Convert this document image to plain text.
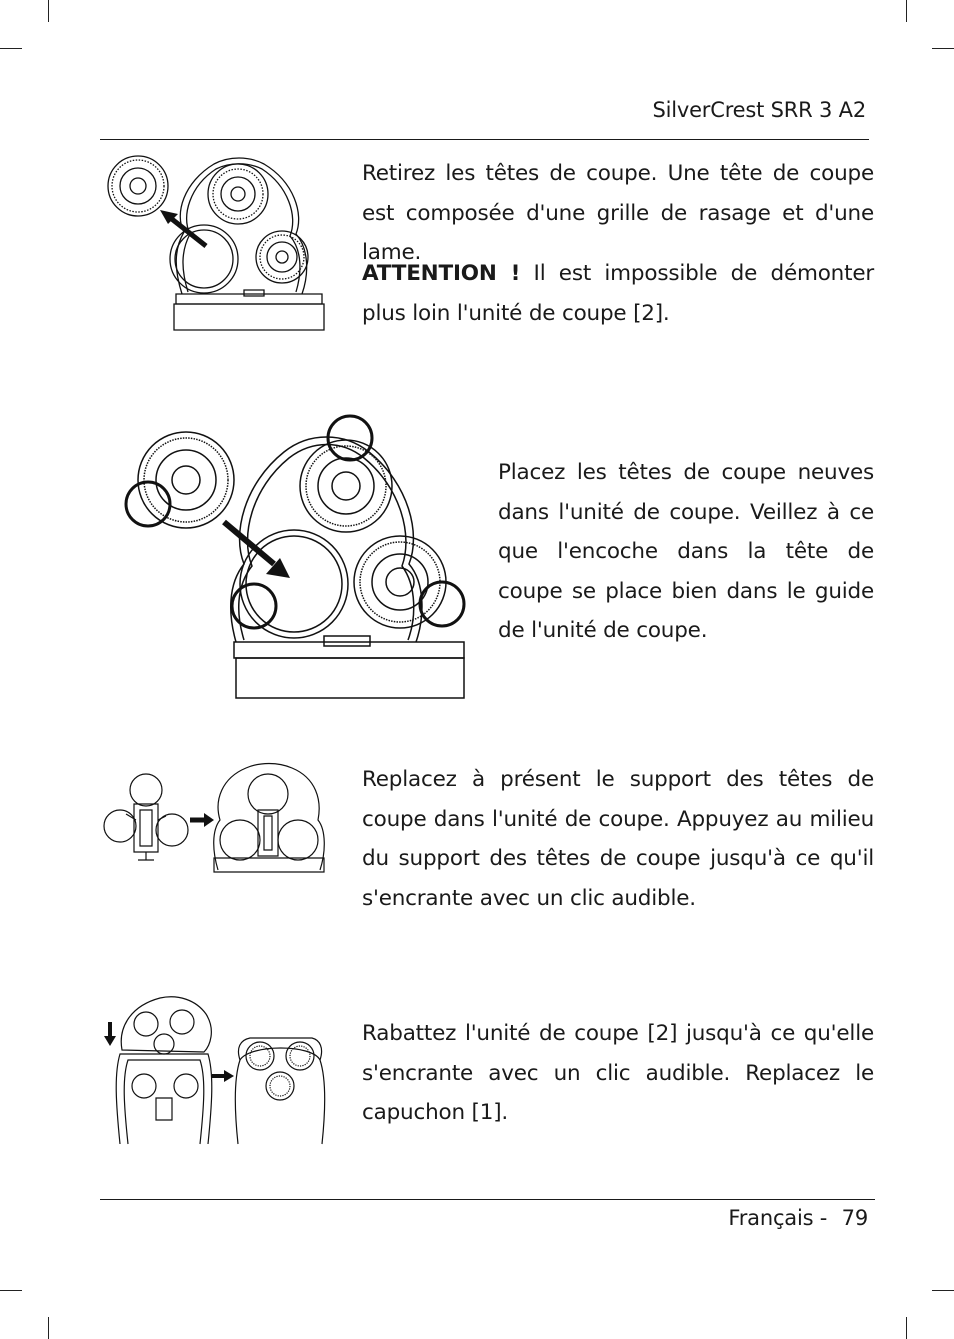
SilverCrest SRR 3 A2

Retirez les têtes de coupe. Une tête de coupe est composée d'une grille de rasage et d'une lame.

ATTENTION ! Il est impossible de démonter plus loin l'unité de coupe [2].

Placez les têtes de coupe neuves dans l'unité de coupe. Veillez à ce que l'encoche dans la tête de coupe se place bien dans le guide de l'unité de coupe.

Replacez à présent le support des têtes de coupe dans l'unité de coupe. Appuyez au milieu du support des têtes de coupe jusqu'à ce qu'il s'encrante avec un clic audible.

Rabattez l'unité de coupe [2] jusqu'à ce qu'elle s'encrante avec un clic audible. Replacez le capuchon [1].

Français - 79
